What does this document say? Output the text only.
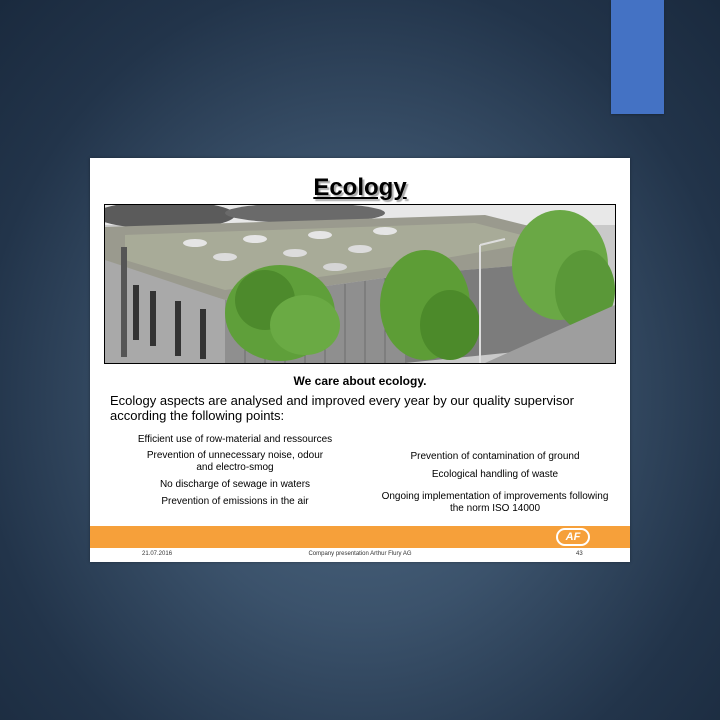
Ecology
We care about ecology.
Ecology aspects are analysed and improved every year by our quality supervisor according the following points:
Efficient use of row-material and ressources
Prevention of unnecessary noise, odour and electro-smog
No discharge of sewage in waters
Prevention of emissions in the air
Prevention of contamination of ground
Ecological handling of waste
Ongoing implementation of improvements following the norm ISO 14000
AF
21.07.2016	Company presentation Arthur Flury AG	43
